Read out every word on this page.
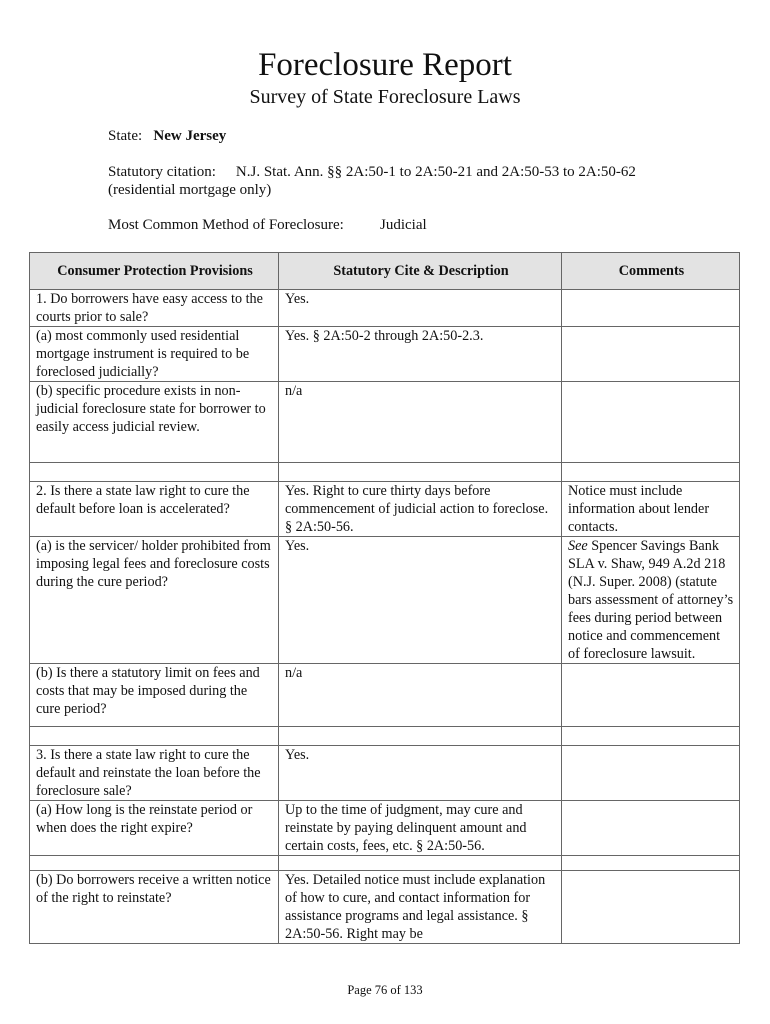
Foreclosure Report
Survey of State Foreclosure Laws
State: New Jersey
Statutory citation: N.J. Stat. Ann. §§ 2A:50-1 to 2A:50-21 and 2A:50-53 to 2A:50-62
(residential mortgage only)
Most Common Method of Foreclosure: Judicial
Consumer Protection Provisions	Statutory Cite & Description	Comments
1. Do borrowers have easy access to the courts prior to sale?	Yes.	
(a) most commonly used residential mortgage instrument is required to be foreclosed judicially?	Yes. § 2A:50-2 through 2A:50-2.3.	
(b) specific procedure exists in non-judicial foreclosure state for borrower to easily access judicial review.	n/a	

2. Is there a state law right to cure the default before loan is accelerated?	Yes. Right to cure thirty days before commencement of judicial action to foreclose. § 2A:50-56.	Notice must include information about lender contacts.
(a) is the servicer/ holder prohibited from imposing legal fees and foreclosure costs during the cure period?	Yes.	See Spencer Savings Bank SLA v. Shaw, 949 A.2d 218 (N.J. Super. 2008) (statute bars assessment of attorney’s fees during period between notice and commencement of foreclosure lawsuit.
(b) Is there a statutory limit on fees and costs that may be imposed during the cure period?	n/a	

3. Is there a state law right to cure the default and reinstate the loan before the foreclosure sale?	Yes.	
(a) How long is the reinstate period or when does the right expire?	Up to the time of judgment, may cure and reinstate by paying delinquent amount and certain costs, fees, etc. § 2A:50-56.	

(b) Do borrowers receive a written notice of the right to reinstate?	Yes. Detailed notice must include explanation of how to cure, and contact information for assistance programs and legal assistance. § 2A:50-56. Right may be	
Page 76 of 133
